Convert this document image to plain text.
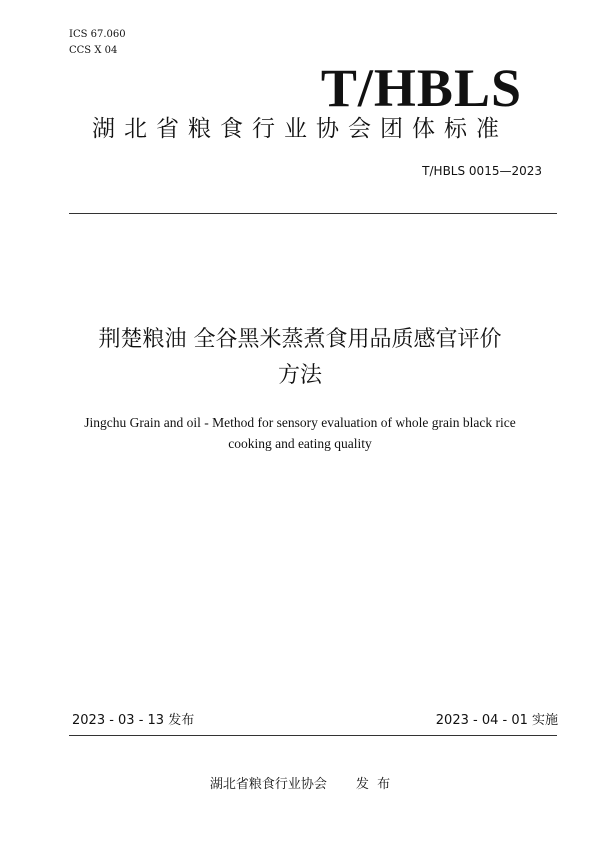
ICS 67.060
CCS X 04
T/HBLS
湖北省粮食行业协会团体标准
T/HBLS 0015—2023
荆楚粮油 全谷黑米蒸煮食用品质感官评价
方法
Jingchu Grain and oil - Method for sensory evaluation of whole grain black rice
cooking and eating quality
2023 - 03 - 13 发布	2023 - 04 - 01 实施
湖北省粮食行业协会 发  布
